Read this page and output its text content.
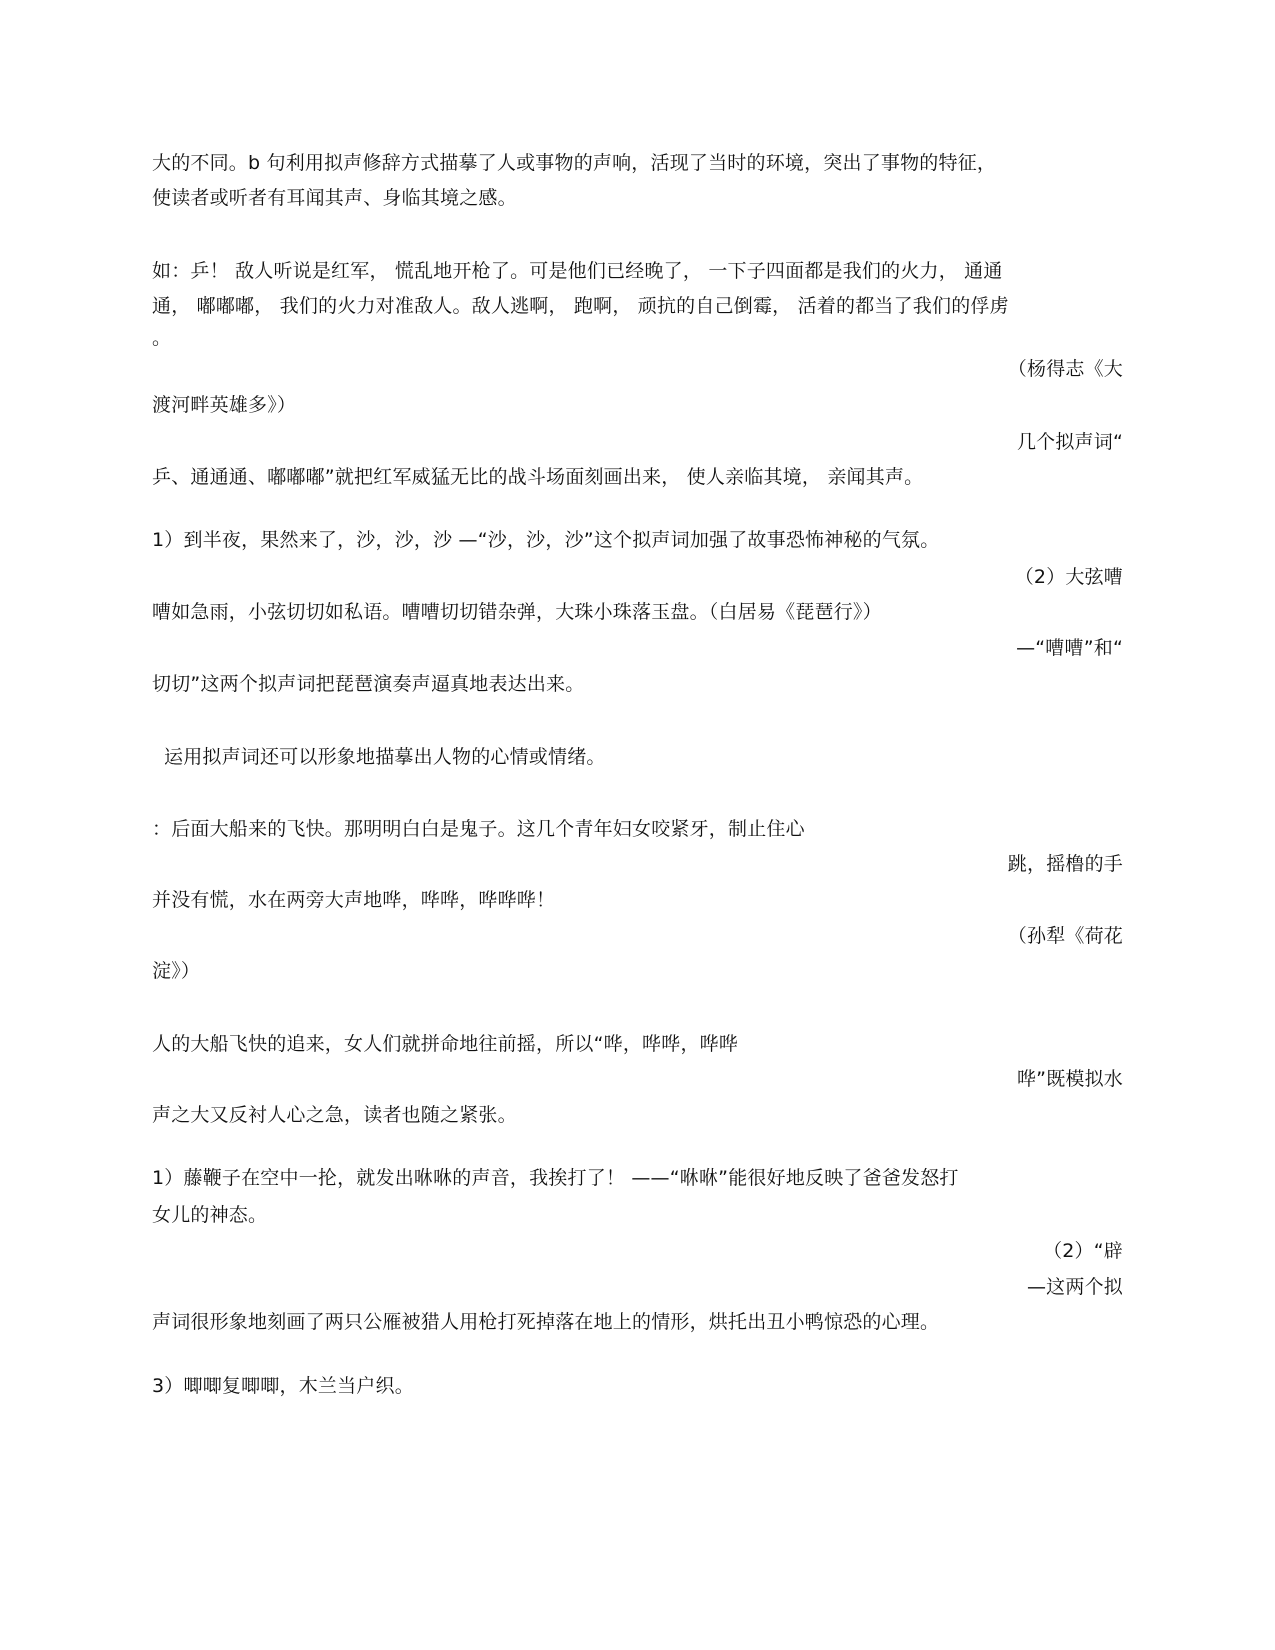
大的不同。b 句利用拟声修辞方式描摹了人或事物的声响，活现了当时的环境，突出了事物的特征，
使读者或听者有耳闻其声、身临其境之感。
如：乒！ 敌人听说是红军， 慌乱地开枪了。可是他们已经晚了， 一下子四面都是我们的火力， 通通
通， 嘟嘟嘟， 我们的火力对准敌人。敌人逃啊， 跑啊， 顽抗的自己倒霉， 活着的都当了我们的俘虏
。
（杨得志《大
渡河畔英雄多》）
几个拟声词“
乒、通通通、嘟嘟嘟”就把红军威猛无比的战斗场面刻画出来， 使人亲临其境， 亲闻其声。
1）到半夜，果然来了，沙，沙，沙 —“沙，沙，沙”这个拟声词加强了故事恐怖神秘的气氛。
（2）大弦嘈
嘈如急雨，小弦切切如私语。嘈嘈切切错杂弹，大珠小珠落玉盘。（白居易《琵琶行》）
—“嘈嘈”和“
切切”这两个拟声词把琵琶演奏声逼真地表达出来。
运用拟声词还可以形象地描摹出人物的心情或情绪。
：后面大船来的飞快。那明明白白是鬼子。这几个青年妇女咬紧牙，制止住心
跳，摇橹的手
并没有慌，水在两旁大声地哗，哗哗，哗哗哗！
（孙犁《荷花
淀》）
人的大船飞快的追来，女人们就拼命地往前摇，所以“哗，哗哗，哗哗
哗”既模拟水
声之大又反衬人心之急，读者也随之紧张。
1）藤鞭子在空中一抡，就发出咻咻的声音，我挨打了！ ——“咻咻”能很好地反映了爸爸发怒打
女儿的神态。
（2）“辟
—这两个拟
声词很形象地刻画了两只公雁被猎人用枪打死掉落在地上的情形，烘托出丑小鸭惊恐的心理。
3）唧唧复唧唧，木兰当户织。
